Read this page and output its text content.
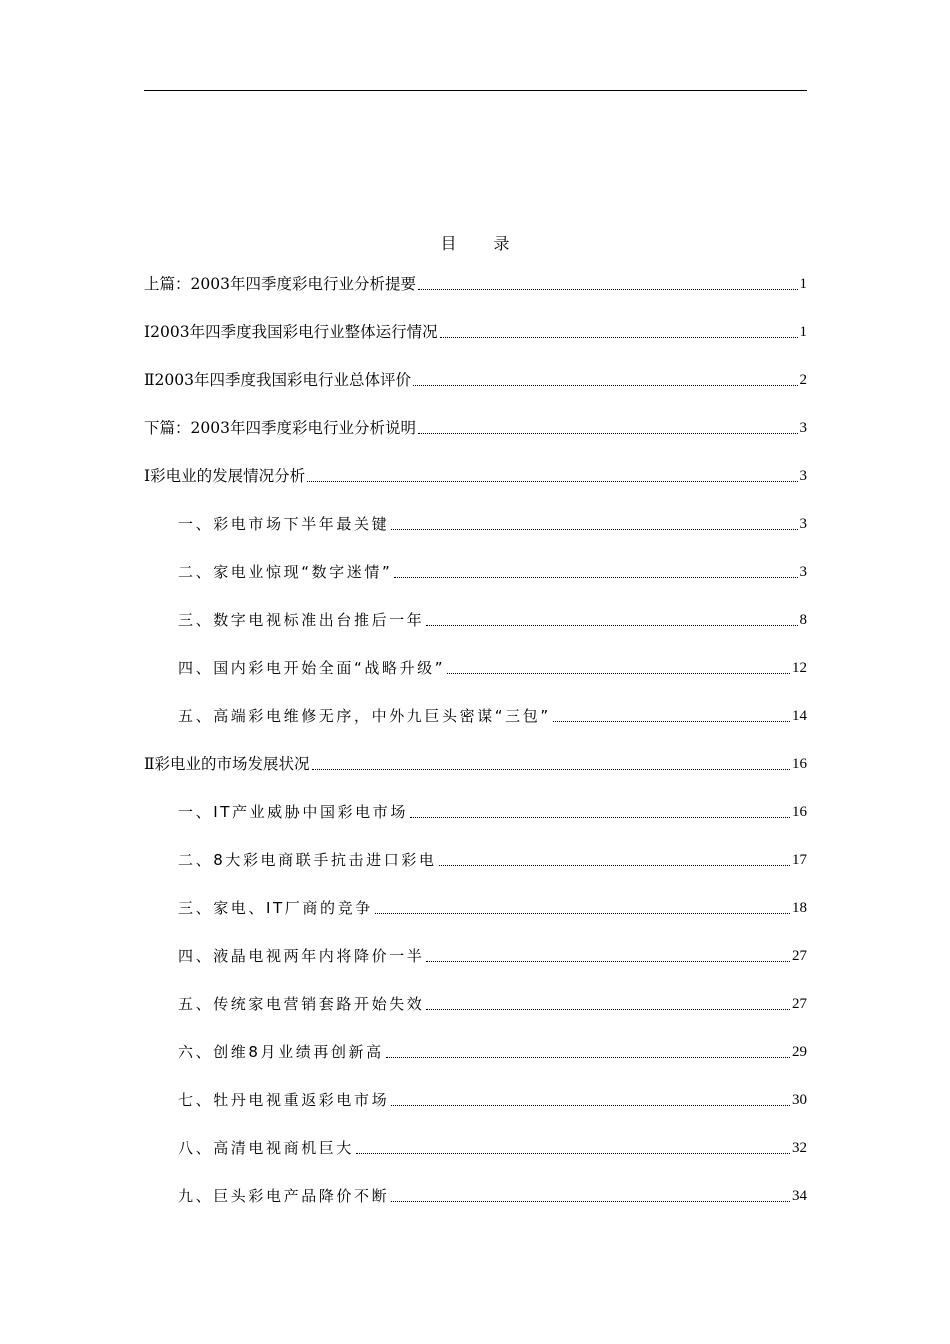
目 录
上篇：2003年四季度彩电行业分析提要	1
Ⅰ2003年四季度我国彩电行业整体运行情况	1
Ⅱ2003年四季度我国彩电行业总体评价	2
下篇：2003年四季度彩电行业分析说明	3
Ⅰ彩电业的发展情况分析	3
一、彩电市场下半年最关键	3
二、家电业惊现“数字迷情”	3
三、数字电视标准出台推后一年	8
四、国内彩电开始全面“战略升级”	12
五、高端彩电维修无序，中外九巨头密谋“三包”	14
Ⅱ彩电业的市场发展状况	16
一、IT产业威胁中国彩电市场	16
二、8大彩电商联手抗击进口彩电	17
三、家电、IT厂商的竞争	18
四、液晶电视两年内将降价一半	27
五、传统家电营销套路开始失效	27
六、创维8月业绩再创新高	29
七、牡丹电视重返彩电市场	30
八、高清电视商机巨大	32
九、巨头彩电产品降价不断	34
